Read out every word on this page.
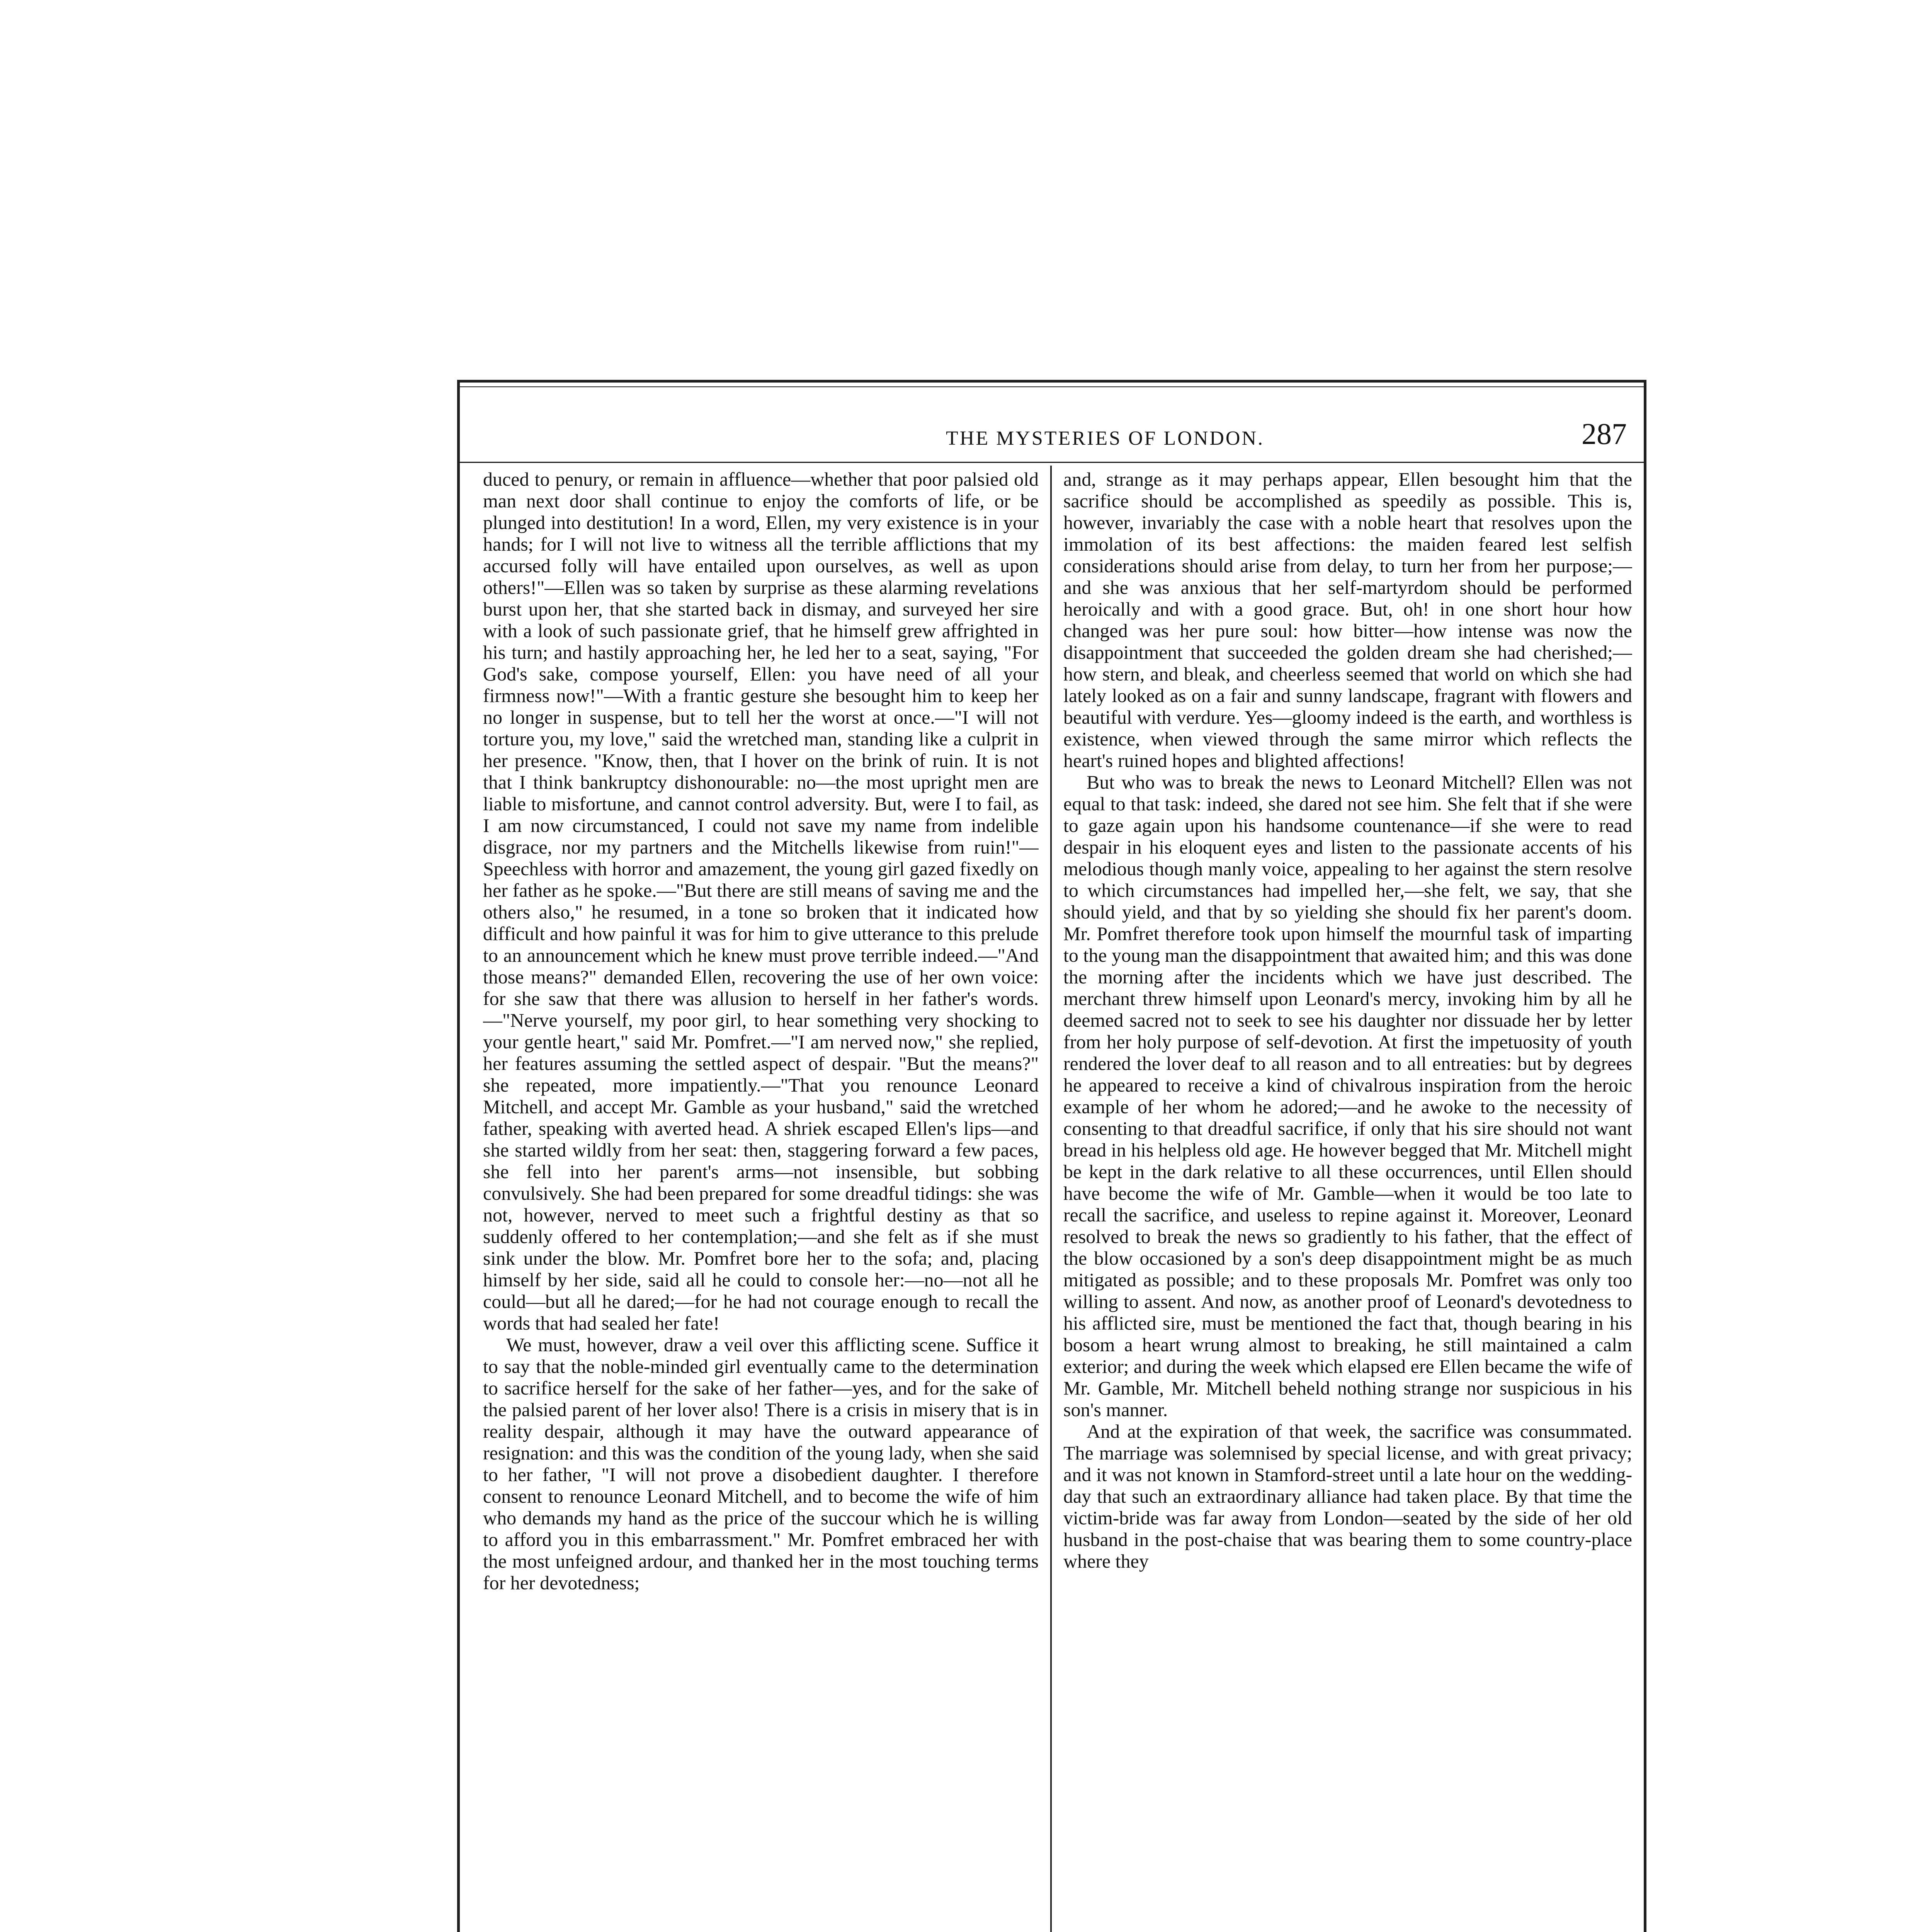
THE MYSTERIES OF LONDON.	287

duced to penury, or remain in affluence—whether that poor palsied old man next door shall continue to enjoy the comforts of life, or be plunged into destitution! In a word, Ellen, my very existence is in your hands; for I will not live to witness all the terrible afflictions that my accursed folly will have entailed upon ourselves, as well as upon others!"—Ellen was so taken by surprise as these alarming revelations burst upon her, that she started back in dismay, and surveyed her sire with a look of such passionate grief, that he himself grew affrighted in his turn; and hastily approaching her, he led her to a seat, saying, "For God's sake, compose yourself, Ellen: you have need of all your firmness now!"—With a frantic gesture she besought him to keep her no longer in suspense, but to tell her the worst at once.—"I will not torture you, my love," said the wretched man, standing like a culprit in her presence. "Know, then, that I hover on the brink of ruin. It is not that I think bankruptcy dishonourable: no—the most upright men are liable to misfortune, and cannot control adversity. But, were I to fail, as I am now circumstanced, I could not save my name from indelible disgrace, nor my partners and the Mitchells likewise from ruin!"—Speechless with horror and amazement, the young girl gazed fixedly on her father as he spoke.—"But there are still means of saving me and the others also," he resumed, in a tone so broken that it indicated how difficult and how painful it was for him to give utterance to this prelude to an announcement which he knew must prove terrible indeed.—"And those means?" demanded Ellen, recovering the use of her own voice: for she saw that there was allusion to herself in her father's words.—"Nerve yourself, my poor girl, to hear something very shocking to your gentle heart," said Mr. Pomfret.—"I am nerved now," she replied, her features assuming the settled aspect of despair. "But the means?" she repeated, more impatiently.—"That you renounce Leonard Mitchell, and accept Mr. Gamble as your husband," said the wretched father, speaking with averted head. A shriek escaped Ellen's lips—and she started wildly from her seat: then, staggering forward a few paces, she fell into her parent's arms—not insensible, but sobbing convulsively. She had been prepared for some dreadful tidings: she was not, however, nerved to meet such a frightful destiny as that so suddenly offered to her contemplation;—and she felt as if she must sink under the blow. Mr. Pomfret bore her to the sofa; and, placing himself by her side, said all he could to console her:—no—not all he could—but all he dared;—for he had not courage enough to recall the words that had sealed her fate!

We must, however, draw a veil over this afflicting scene. Suffice it to say that the noble-minded girl eventually came to the determination to sacrifice herself for the sake of her father—yes, and for the sake of the palsied parent of her lover also! There is a crisis in misery that is in reality despair, although it may have the outward appearance of resignation: and this was the condition of the young lady, when she said to her father, "I will not prove a disobedient daughter. I therefore consent to renounce Leonard Mitchell, and to become the wife of him who demands my hand as the price of the succour which he is willing to afford you in this embarrassment." Mr. Pomfret embraced her with the most unfeigned ardour, and thanked her in the most touching terms for her devotedness;

and, strange as it may perhaps appear, Ellen besought him that the sacrifice should be accomplished as speedily as possible. This is, however, invariably the case with a noble heart that resolves upon the immolation of its best affections: the maiden feared lest selfish considerations should arise from delay, to turn her from her purpose;—and she was anxious that her self-martyrdom should be performed heroically and with a good grace. But, oh! in one short hour how changed was her pure soul: how bitter—how intense was now the disappointment that succeeded the golden dream she had cherished;—how stern, and bleak, and cheerless seemed that world on which she had lately looked as on a fair and sunny landscape, fragrant with flowers and beautiful with verdure. Yes—gloomy indeed is the earth, and worthless is existence, when viewed through the same mirror which reflects the heart's ruined hopes and blighted affections!

But who was to break the news to Leonard Mitchell? Ellen was not equal to that task: indeed, she dared not see him. She felt that if she were to gaze again upon his handsome countenance—if she were to read despair in his eloquent eyes and listen to the passionate accents of his melodious though manly voice, appealing to her against the stern resolve to which circumstances had impelled her,—she felt, we say, that she should yield, and that by so yielding she should fix her parent's doom. Mr. Pomfret therefore took upon himself the mournful task of imparting to the young man the disappointment that awaited him; and this was done the morning after the incidents which we have just described. The merchant threw himself upon Leonard's mercy, invoking him by all he deemed sacred not to seek to see his daughter nor dissuade her by letter from her holy purpose of self-devotion. At first the impetuosity of youth rendered the lover deaf to all reason and to all entreaties: but by degrees he appeared to receive a kind of chivalrous inspiration from the heroic example of her whom he adored;—and he awoke to the necessity of consenting to that dreadful sacrifice, if only that his sire should not want bread in his helpless old age. He however begged that Mr. Mitchell might be kept in the dark relative to all these occurrences, until Ellen should have become the wife of Mr. Gamble—when it would be too late to recall the sacrifice, and useless to repine against it. Moreover, Leonard resolved to break the news so gradiently to his father, that the effect of the blow occasioned by a son's deep disappointment might be as much mitigated as possible; and to these proposals Mr. Pomfret was only too willing to assent. And now, as another proof of Leonard's devotedness to his afflicted sire, must be mentioned the fact that, though bearing in his bosom a heart wrung almost to breaking, he still maintained a calm exterior; and during the week which elapsed ere Ellen became the wife of Mr. Gamble, Mr. Mitchell beheld nothing strange nor suspicious in his son's manner.

And at the expiration of that week, the sacrifice was consummated. The marriage was solemnised by special license, and with great privacy; and it was not known in Stamford-street until a late hour on the wedding-day that such an extraordinary alliance had taken place. By that time the victim-bride was far away from London—seated by the side of her old husband in the post-chaise that was bearing them to some country-place where they
